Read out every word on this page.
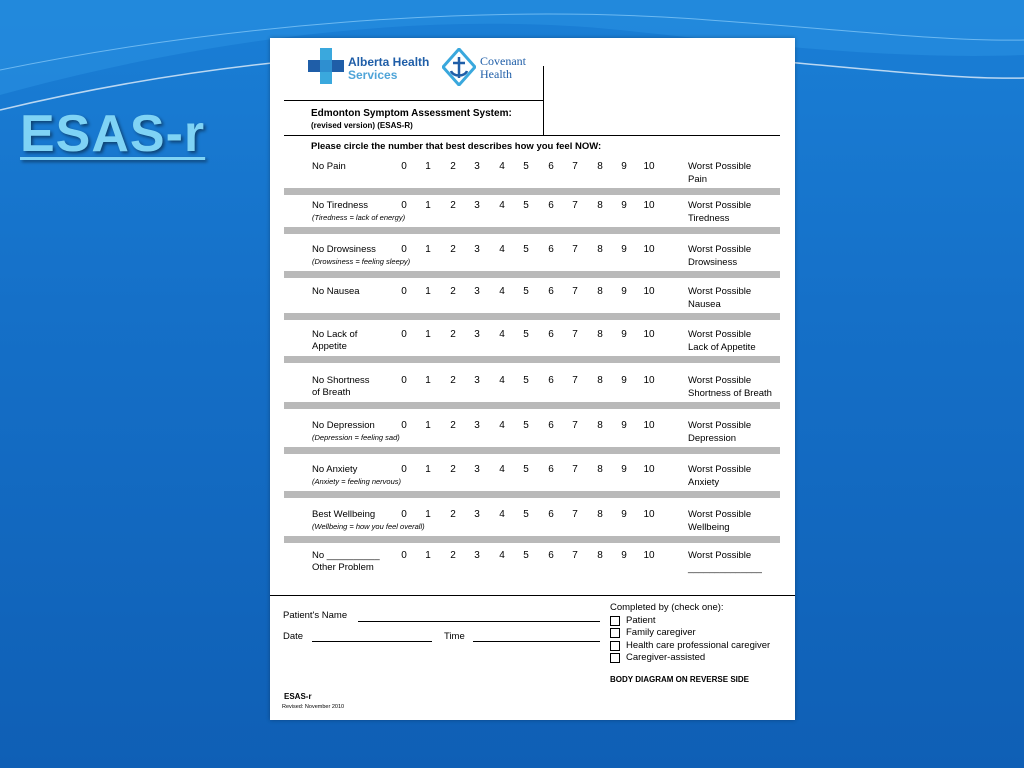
ESAS-r
Alberta Health
Services
Covenant
Health
Edmonton Symptom Assessment System:
(revised version) (ESAS-R)
Please circle the number that best describes how you feel NOW:
No Pain	0	1	2	3	4	5	6	7	8	9	10	Worst Possible
Pain
No Tiredness
(Tiredness = lack of energy)
0	1	2	3	4	5	6	7	8	9	10	Worst Possible
Tiredness
No Drowsiness
(Drowsiness = feeling sleepy)
0	1	2	3	4	5	6	7	8	9	10	Worst Possible
Drowsiness
No Nausea	0	1	2	3	4	5	6	7	8	9	10	Worst Possible
Nausea
No Lack of
Appetite
0	1	2	3	4	5	6	7	8	9	10	Worst Possible
Lack of Appetite
No Shortness
of Breath
0	1	2	3	4	5	6	7	8	9	10	Worst Possible
Shortness of Breath
No Depression
(Depression = feeling sad)
0	1	2	3	4	5	6	7	8	9	10	Worst Possible
Depression
No Anxiety
(Anxiety = feeling nervous)
0	1	2	3	4	5	6	7	8	9	10	Worst Possible
Anxiety
Best Wellbeing
(Wellbeing = how you feel overall)
0	1	2	3	4	5	6	7	8	9	10	Worst Possible
Wellbeing
No __________
Other Problem
0	1	2	3	4	5	6	7	8	9	10	Worst Possible
______________
Patient's Name
Date	Time
Completed by (check one):
Patient
Family caregiver
Health care professional caregiver
Caregiver-assisted
BODY DIAGRAM ON REVERSE SIDE
ESAS-r
Revised: November 2010
